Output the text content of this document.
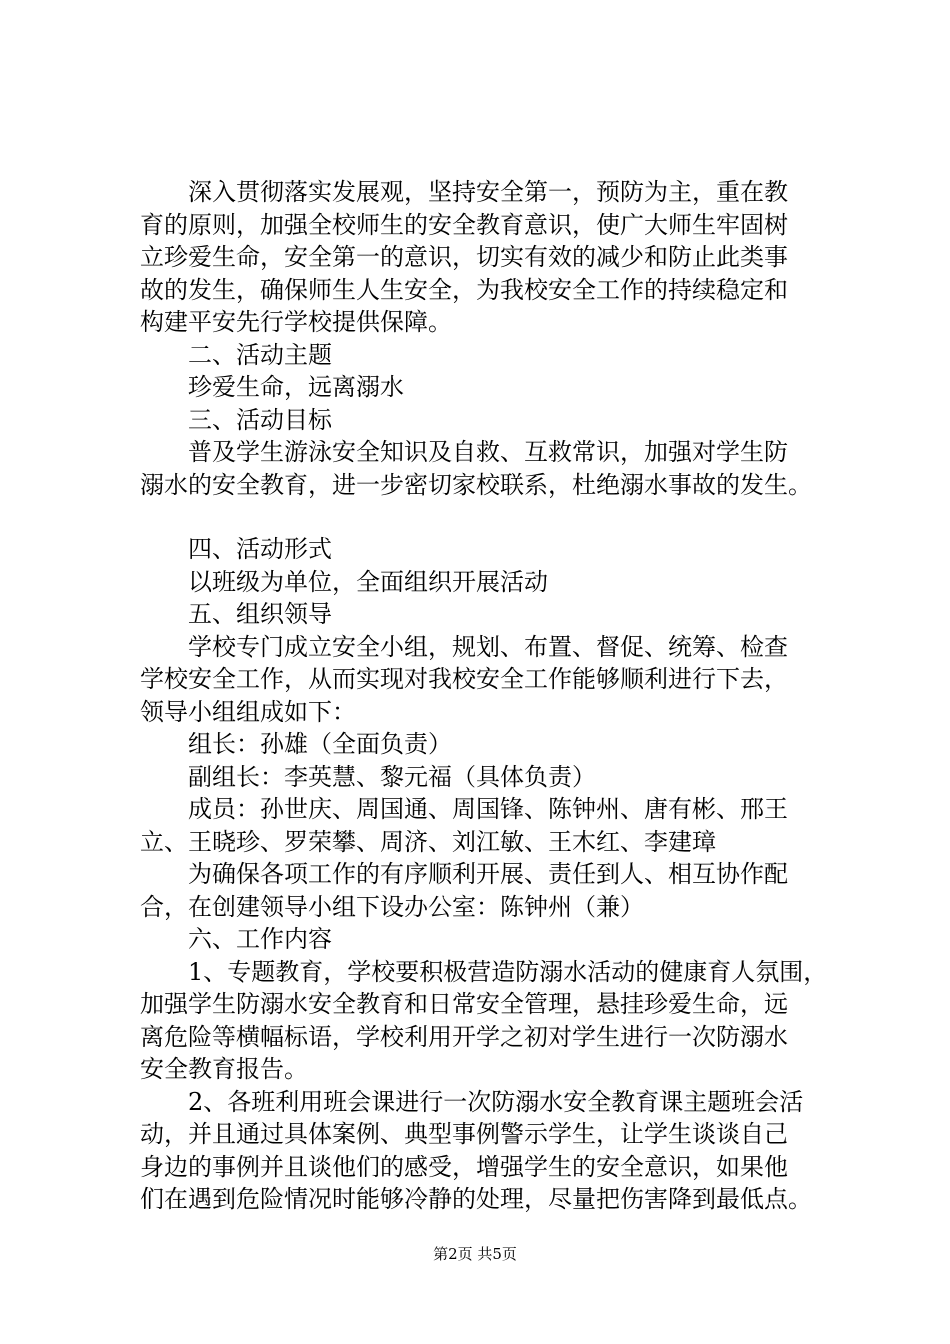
深入贯彻落实发展观，坚持安全第一，预防为主，重在教
育的原则，加强全校师生的安全教育意识，使广大师生牢固树
立珍爱生命，安全第一的意识，切实有效的减少和防止此类事
故的发生，确保师生人生安全，为我校安全工作的持续稳定和
构建平安先行学校提供保障。
二、活动主题
珍爱生命，远离溺水
三、活动目标
普及学生游泳安全知识及自救、互救常识，加强对学生防
溺水的安全教育，进一步密切家校联系，杜绝溺水事故的发生。
四、活动形式
以班级为单位，全面组织开展活动
五、组织领导
学校专门成立安全小组，规划、布置、督促、统筹、检查
学校安全工作，从而实现对我校安全工作能够顺利进行下去，
领导小组组成如下：
组长：孙雄（全面负责）
副组长：李英慧、黎元福（具体负责）
成员：孙世庆、周国通、周国锋、陈钟州、唐有彬、邢王
立、王晓珍、罗荣攀、周济、刘江敏、王木红、李建璋
为确保各项工作的有序顺利开展、责任到人、相互协作配
合，在创建领导小组下设办公室：陈钟州（兼）
六、工作内容
1、专题教育，学校要积极营造防溺水活动的健康育人氛围，
加强学生防溺水安全教育和日常安全管理，悬挂珍爱生命，远
离危险等横幅标语，学校利用开学之初对学生进行一次防溺水
安全教育报告。
2、各班利用班会课进行一次防溺水安全教育课主题班会活
动，并且通过具体案例、典型事例警示学生，让学生谈谈自己
身边的事例并且谈他们的感受，增强学生的安全意识，如果他
们在遇到危险情况时能够冷静的处理，尽量把伤害降到最低点。
第2页 共5页
